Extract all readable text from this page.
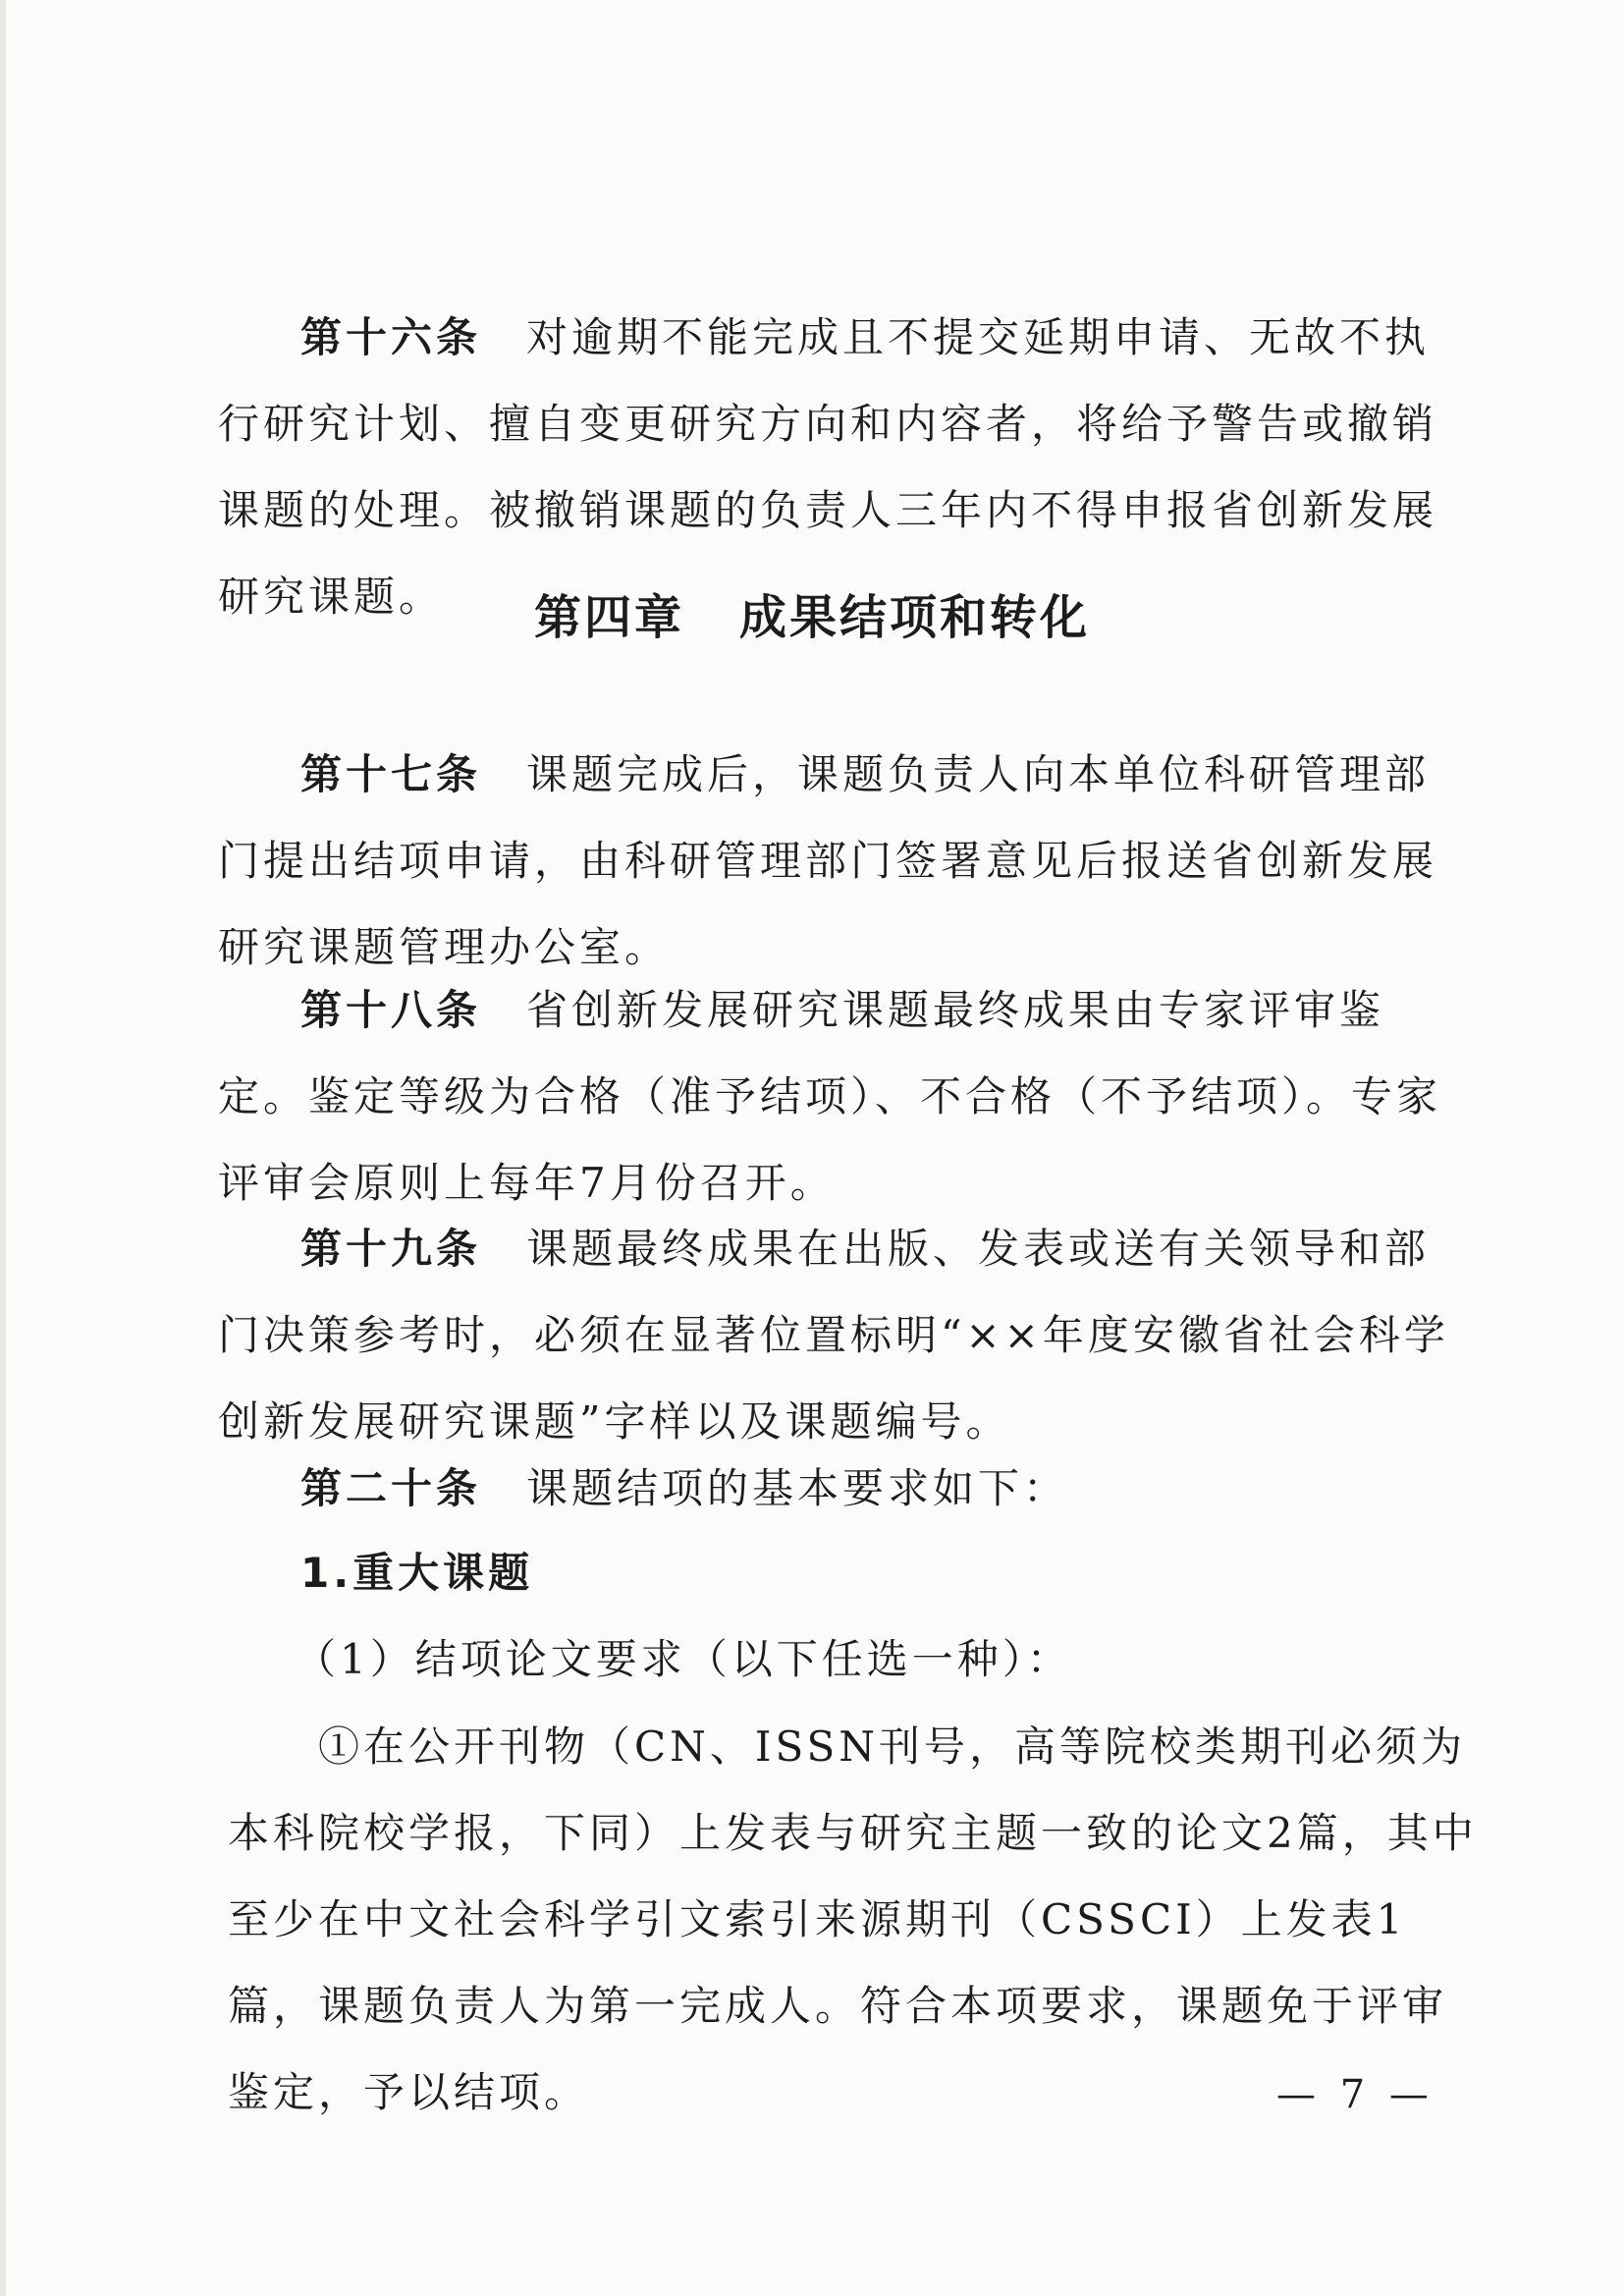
第十六条 对逾期不能完成且不提交延期申请、无故不执行研究计划、擅自变更研究方向和内容者，将给予警告或撤销课题的处理。被撤销课题的负责人三年内不得申报省创新发展研究课题。	第四章 成果结项和转化

第十七条 课题完成后，课题负责人向本单位科研管理部门提出结项申请，由科研管理部门签署意见后报送省创新发展研究课题管理办公室。

第十八条 省创新发展研究课题最终成果由专家评审鉴定。鉴定等级为合格（准予结项）、不合格（不予结项）。专家评审会原则上每年7月份召开。

第十九条 课题最终成果在出版、发表或送有关领导和部门决策参考时，必须在显著位置标明“××年度安徽省社会科学创新发展研究课题”字样以及课题编号。

第二十条 课题结项的基本要求如下：

1.重大课题
（1）结项论文要求（以下任选一种）：

①在公开刊物（CN、ISSN刊号，高等院校类期刊必须为本科院校学报，下同）上发表与研究主题一致的论文2篇，其中至少在中文社会科学引文索引来源期刊（CSSCI）上发表1篇，课题负责人为第一完成人。符合本项要求，课题免于评审鉴定，予以结项。	— 7 —
